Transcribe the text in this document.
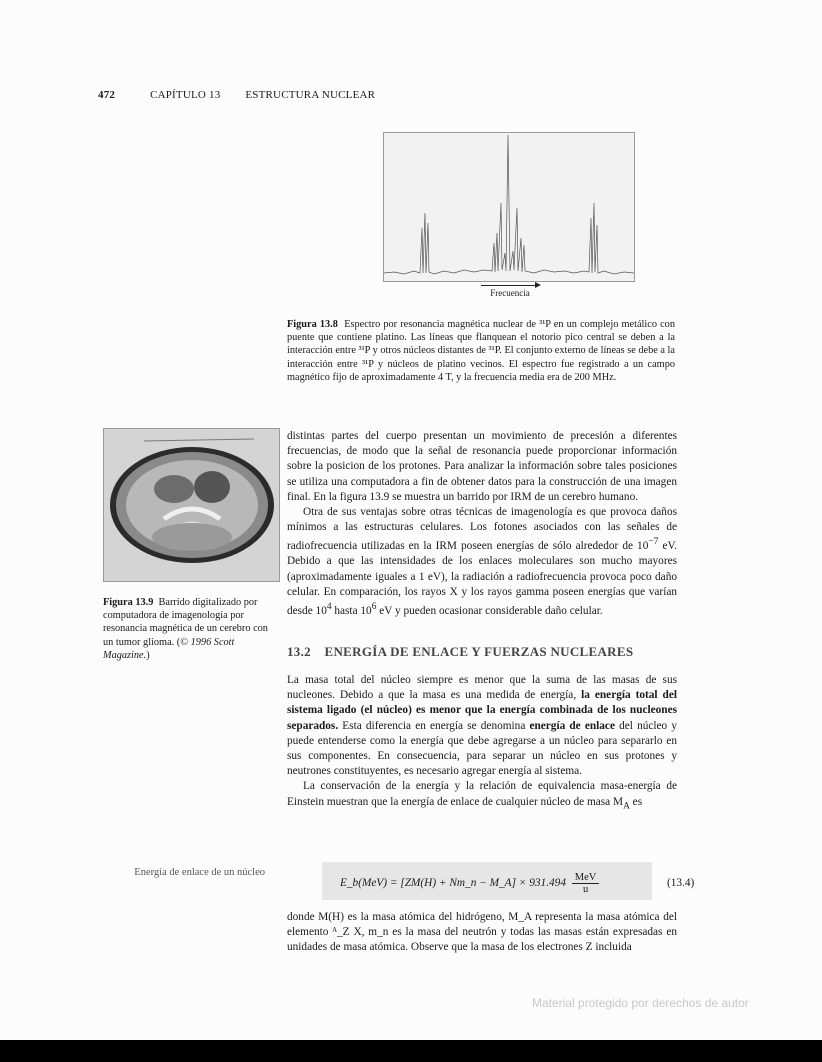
472	CAPÍTULO 13 ESTRUCTURA NUCLEAR
Frecuencia
Figura 13.8 Espectro por resonancia magnética nuclear de ³¹P en un complejo metálico con puente que contiene platino. Las líneas que flanquean el notorio pico central se deben a la interacción entre ³¹P y otros núcleos distantes de ³¹P. El conjunto externo de líneas se debe a la interacción entre ³¹P y núcleos de platino vecinos. El espectro fue registrado a un campo magnético fijo de aproximadamente 4 T, y la frecuencia media era de 200 MHz.
Figura 13.9 Barrido digitalizado por computadora de imagenología por resonancia magnética de un cerebro con un tumor glioma. (© 1996 Scott Magazine.)

distintas partes del cuerpo presentan un movimiento de precesión a diferentes frecuencias, de modo que la señal de resonancia puede proporcionar información sobre la posicion de los protones. Para analizar la información sobre tales posiciones se utiliza una computadora a fin de obtener datos para la construcción de una imagen final. En la figura 13.9 se muestra un barrido por IRM de un cerebro humano.

Otra de sus ventajas sobre otras técnicas de imagenología es que provoca daños mínimos a las estructuras celulares. Los fotones asociados con las señales de radiofrecuencia utilizadas en la IRM poseen energías de sólo alrededor de $10^{-7}$ eV. Debido a que las intensidades de los enlaces moleculares son mucho mayores (aproximadamente iguales a 1 eV), la radiación a radiofrecuencia provoca poco daño celular. En comparación, los rayos X y los rayos gamma poseen energías que varían desde $10^4$ hasta $10^6$ eV y pueden ocasionar considerable daño celular.

13.2 ENERGÍA DE ENLACE Y FUERZAS NUCLEARES

La masa total del núcleo siempre es menor que la suma de las masas de sus nucleones. Debido a que la masa es una medida de energía, la energía total del sistema ligado (el núcleo) es menor que la energía combinada de los nucleones separados. Esta diferencia en energía se denomina energía de enlace del núcleo y puede entenderse como la energía que debe agregarse a un núcleo para separarlo en sus componentes. En consecuencia, para separar un núcleo en sus protones y neutrones constituyentes, es necesario agregar energía al sistema.

La conservación de la energía y la relación de equivalencia masa-energía de Einstein muestran que la energía de enlace de cualquier núcleo de masa $M_A$ es

Energía de enlace de un núcleo
E_b(MeV) = [ZM(H) + Nm_n − M_A] × $931.494 \frac{\text{MeV}}{u}$	(13.4)

donde M(H) es la masa atómica del hidrógeno, M_A representa la masa atómica del elemento ᴬ_Z X, m_n es la masa del neutrón y todas las masas están expresadas en unidades de masa atómica. Observe que la masa de los electrones Z incluida

Material protegido por derechos de autor
